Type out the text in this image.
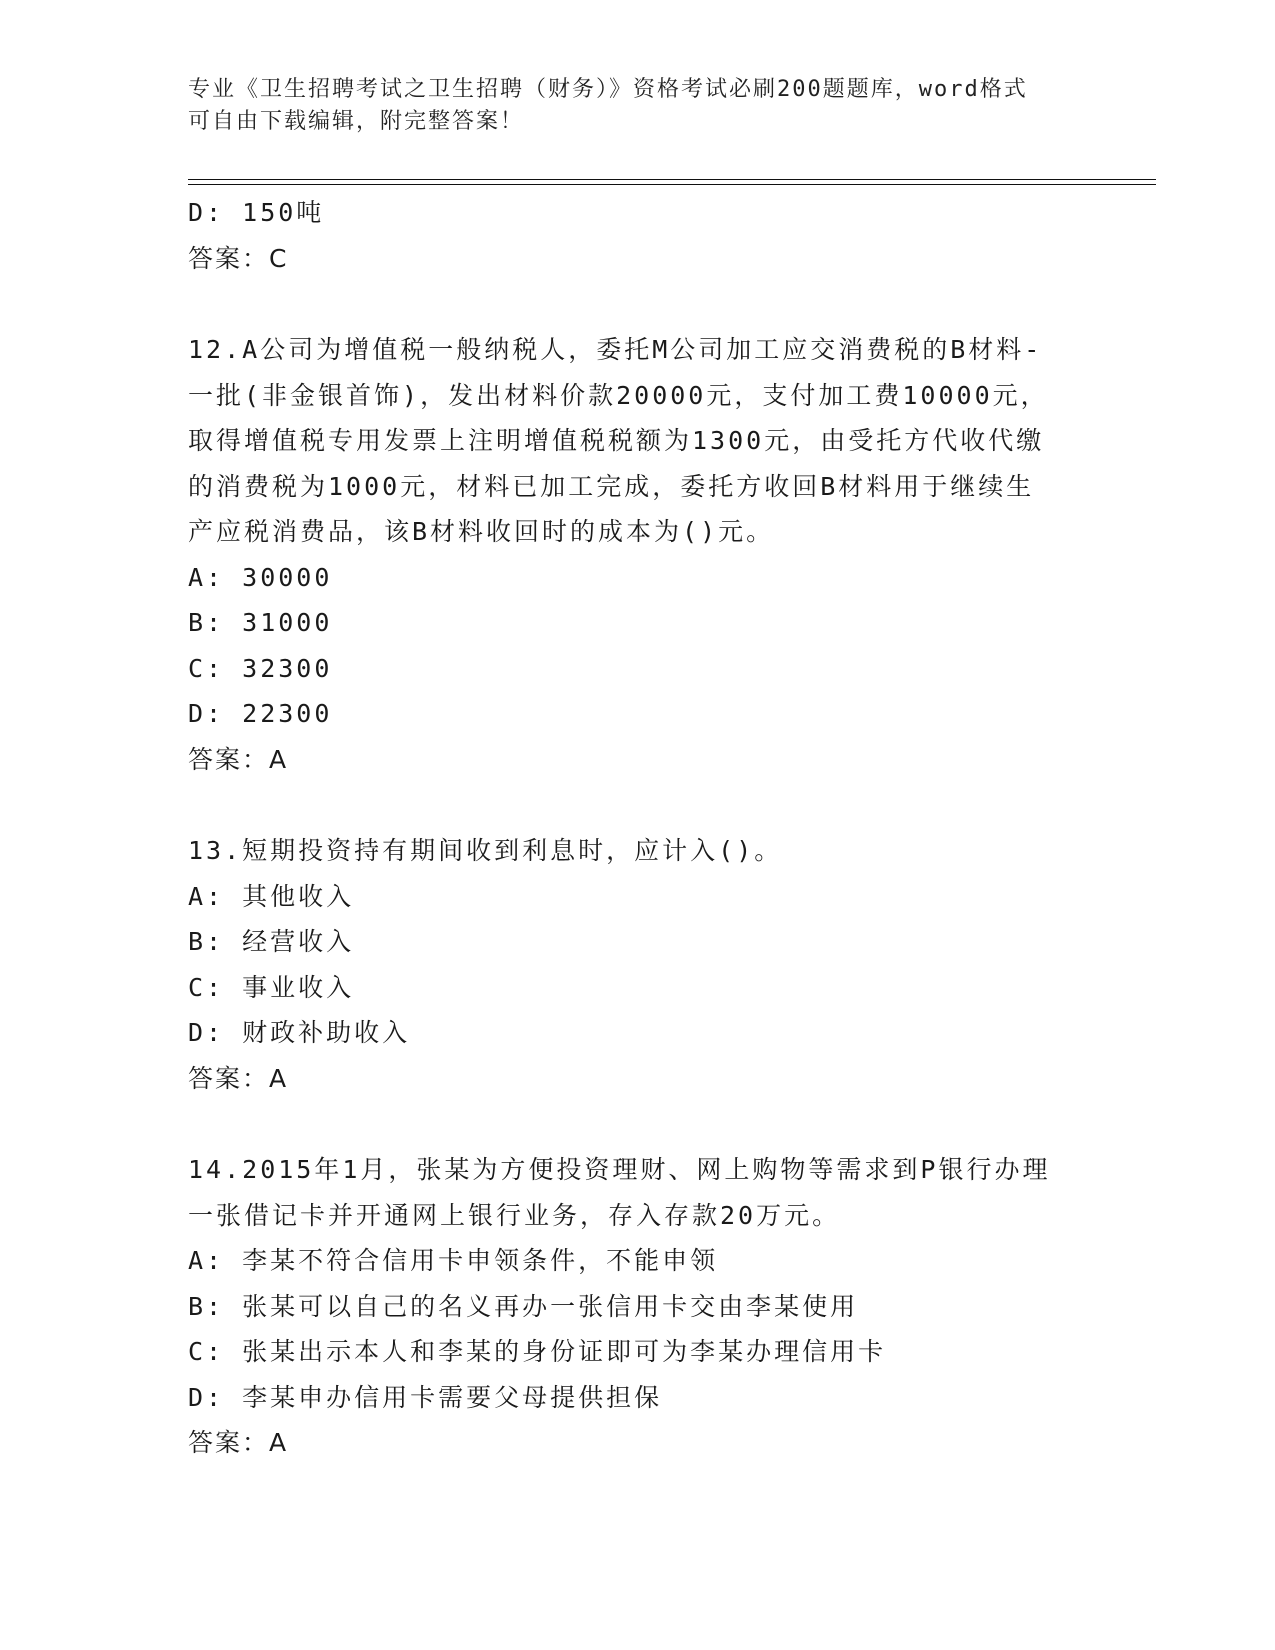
专业《卫生招聘考试之卫生招聘（财务）》资格考试必刷200题题库，word格式
可自由下载编辑，附完整答案！
D: 150吨
答案：C
12.A公司为增值税一般纳税人，委托M公司加工应交消费税的B材料-
一批(非金银首饰)，发出材料价款20000元，支付加工费10000元，
取得增值税专用发票上注明增值税税额为1300元，由受托方代收代缴
的消费税为1000元，材料已加工完成，委托方收回B材料用于继续生
产应税消费品，该B材料收回时的成本为()元。
A: 30000
B: 31000
C: 32300
D: 22300
答案：A
13.短期投资持有期间收到利息时，应计入()。
A: 其他收入
B: 经营收入
C: 事业收入
D: 财政补助收入
答案：A
14.2015年1月，张某为方便投资理财、网上购物等需求到P银行办理
一张借记卡并开通网上银行业务，存入存款20万元。
A: 李某不符合信用卡申领条件，不能申领
B: 张某可以自己的名义再办一张信用卡交由李某使用
C: 张某出示本人和李某的身份证即可为李某办理信用卡
D: 李某申办信用卡需要父母提供担保
答案：A
